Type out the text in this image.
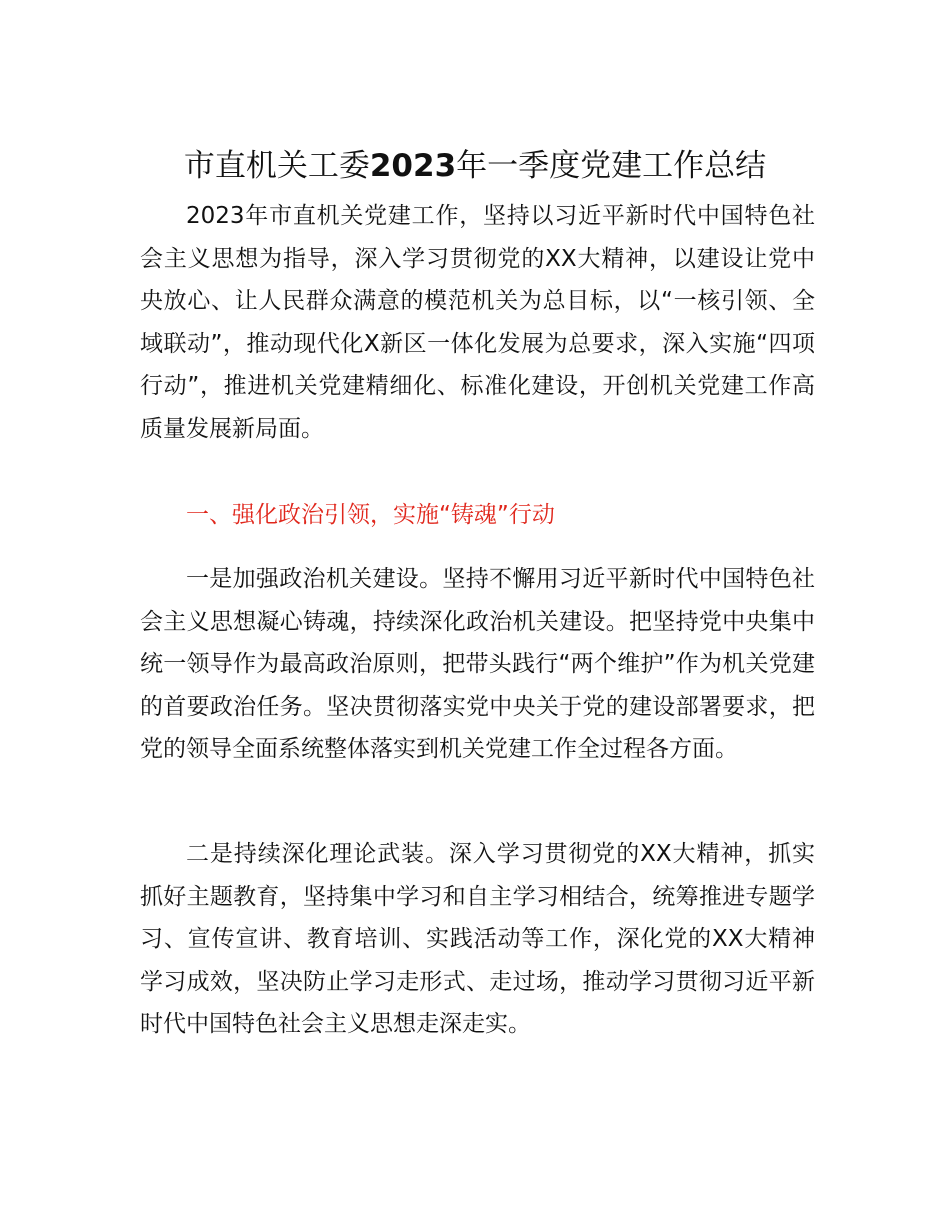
市直机关工委2023年一季度党建工作总结

2023年市直机关党建工作，坚持以习近平新时代中国特色社会主义思想为指导，深入学习贯彻党的XX大精神，以建设让党中央放心、让人民群众满意的模范机关为总目标，以“一核引领、全域联动”，推动现代化X新区一体化发展为总要求，深入实施“四项行动”，推进机关党建精细化、标准化建设，开创机关党建工作高质量发展新局面。

一、强化政治引领，实施“铸魂”行动

一是加强政治机关建设。坚持不懈用习近平新时代中国特色社会主义思想凝心铸魂，持续深化政治机关建设。把坚持党中央集中统一领导作为最高政治原则，把带头践行“两个维护”作为机关党建的首要政治任务。坚决贯彻落实党中央关于党的建设部署要求，把党的领导全面系统整体落实到机关党建工作全过程各方面。

二是持续深化理论武装。深入学习贯彻党的XX大精神，抓实抓好主题教育，坚持集中学习和自主学习相结合，统筹推进专题学习、宣传宣讲、教育培训、实践活动等工作，深化党的XX大精神学习成效，坚决防止学习走形式、走过场，推动学习贯彻习近平新时代中国特色社会主义思想走深走实。
